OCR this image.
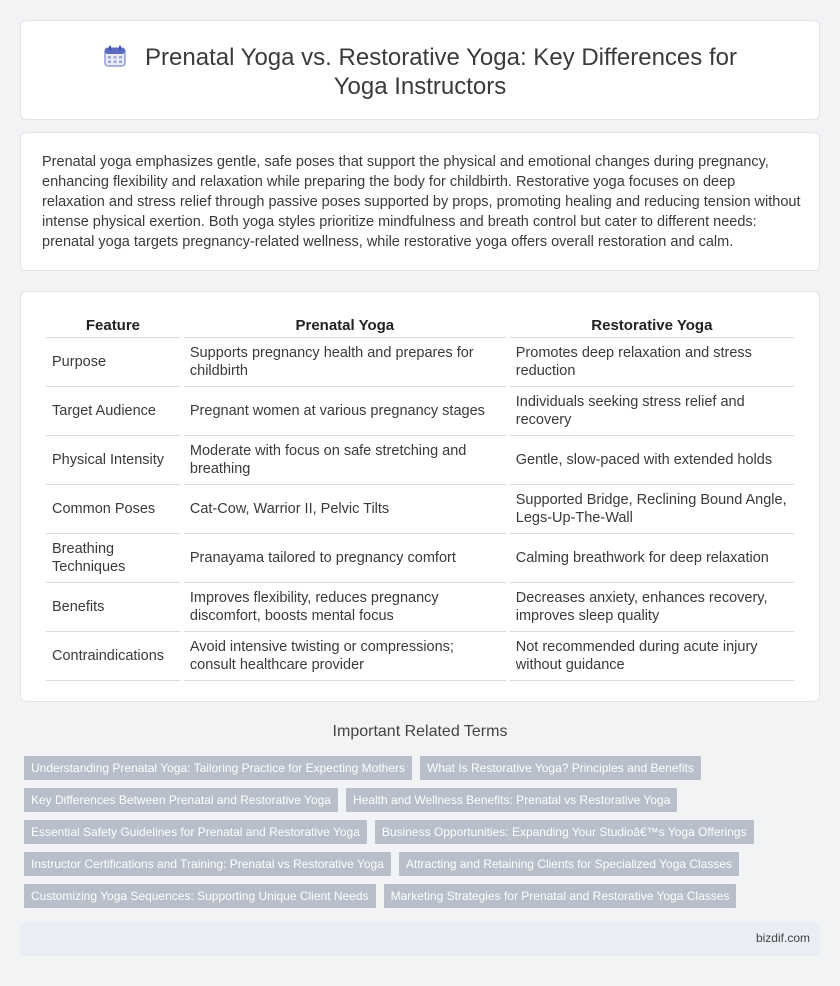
Prenatal Yoga vs. Restorative Yoga: Key Differences for Yoga Instructors

Prenatal yoga emphasizes gentle, safe poses that support the physical and emotional changes during pregnancy, enhancing flexibility and relaxation while preparing the body for childbirth. Restorative yoga focuses on deep relaxation and stress relief through passive poses supported by props, promoting healing and reducing tension without intense physical exertion. Both yoga styles prioritize mindfulness and breath control but cater to different needs: prenatal yoga targets pregnancy-related wellness, while restorative yoga offers overall restoration and calm.

Feature	Prenatal Yoga	Restorative Yoga
Purpose	Supports pregnancy health and prepares for childbirth	Promotes deep relaxation and stress reduction
Target Audience	Pregnant women at various pregnancy stages	Individuals seeking stress relief and recovery
Physical Intensity	Moderate with focus on safe stretching and breathing	Gentle, slow-paced with extended holds
Common Poses	Cat-Cow, Warrior II, Pelvic Tilts	Supported Bridge, Reclining Bound Angle, Legs-Up-The-Wall
Breathing Techniques	Pranayama tailored to pregnancy comfort	Calming breathwork for deep relaxation
Benefits	Improves flexibility, reduces pregnancy discomfort, boosts mental focus	Decreases anxiety, enhances recovery, improves sleep quality
Contraindications	Avoid intensive twisting or compressions; consult healthcare provider	Not recommended during acute injury without guidance
Important Related Terms
Understanding Prenatal Yoga: Tailoring Practice for Expecting Mothers	What Is Restorative Yoga? Principles and Benefits
Key Differences Between Prenatal and Restorative Yoga	Health and Wellness Benefits: Prenatal vs Restorative Yoga
Essential Safety Guidelines for Prenatal and Restorative Yoga	Business Opportunities: Expanding Your Studioâ€™s Yoga Offerings
Instructor Certifications and Training: Prenatal vs Restorative Yoga	Attracting and Retaining Clients for Specialized Yoga Classes
Customizing Yoga Sequences: Supporting Unique Client Needs	Marketing Strategies for Prenatal and Restorative Yoga Classes
bizdif.com
